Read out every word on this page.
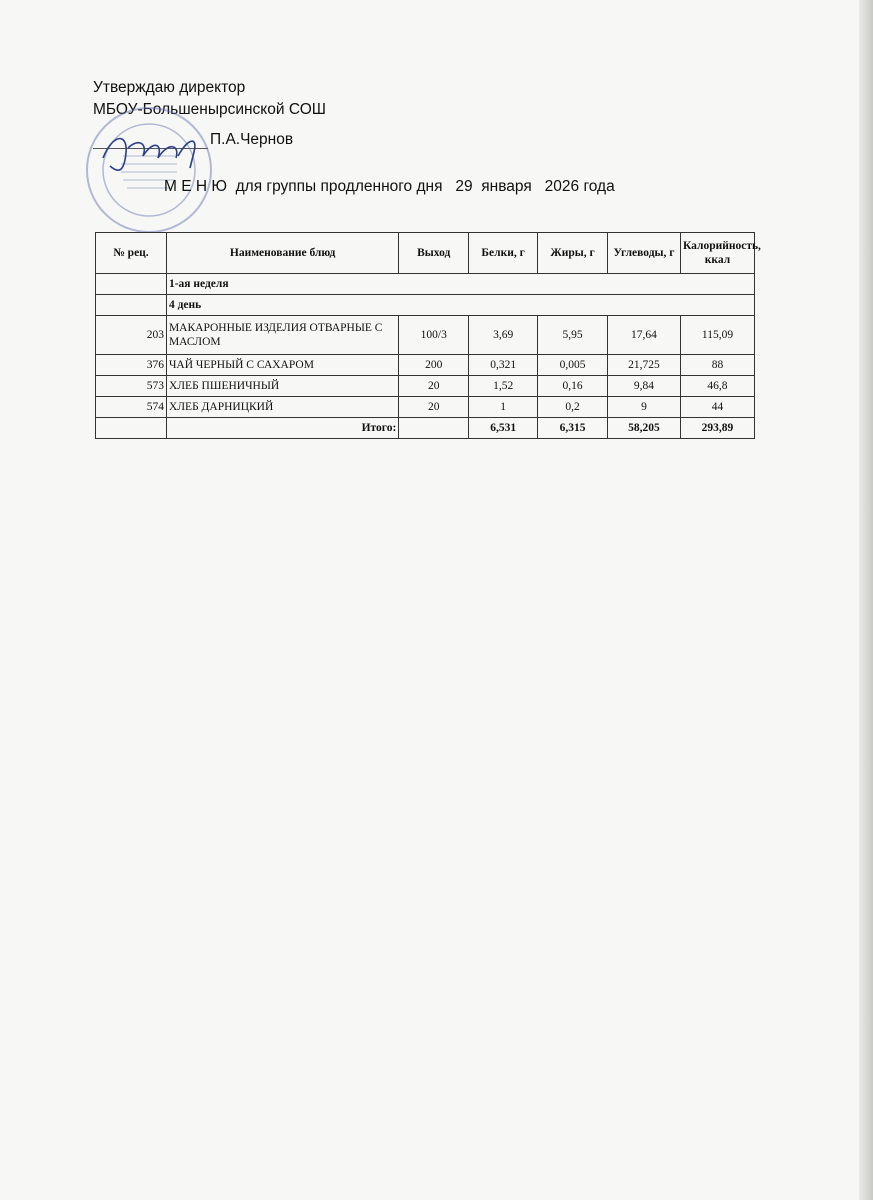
Утверждаю директор
МБОУ-Большенырсинской СОШ
П.А.Чернов
М Е Н Ю  для группы продленного дня   29  января   2026 года
№ рец.	Наименование блюд	Выход	Белки, г	Жиры, г	Углеводы, г	Калорийность, ккал
	1-ая неделя					
	4 день					
203	МАКАРОННЫЕ ИЗДЕЛИЯ ОТВАРНЫЕ С МАСЛОМ	100/3	3,69	5,95	17,64	115,09
376	ЧАЙ ЧЕРНЫЙ С САХАРОМ	200	0,321	0,005	21,725	88
573	ХЛЕБ ПШЕНИЧНЫЙ	20	1,52	0,16	9,84	46,8
574	ХЛЕБ ДАРНИЦКИЙ	20	1	0,2	9	44
	Итого:		6,531	6,315	58,205	293,89
